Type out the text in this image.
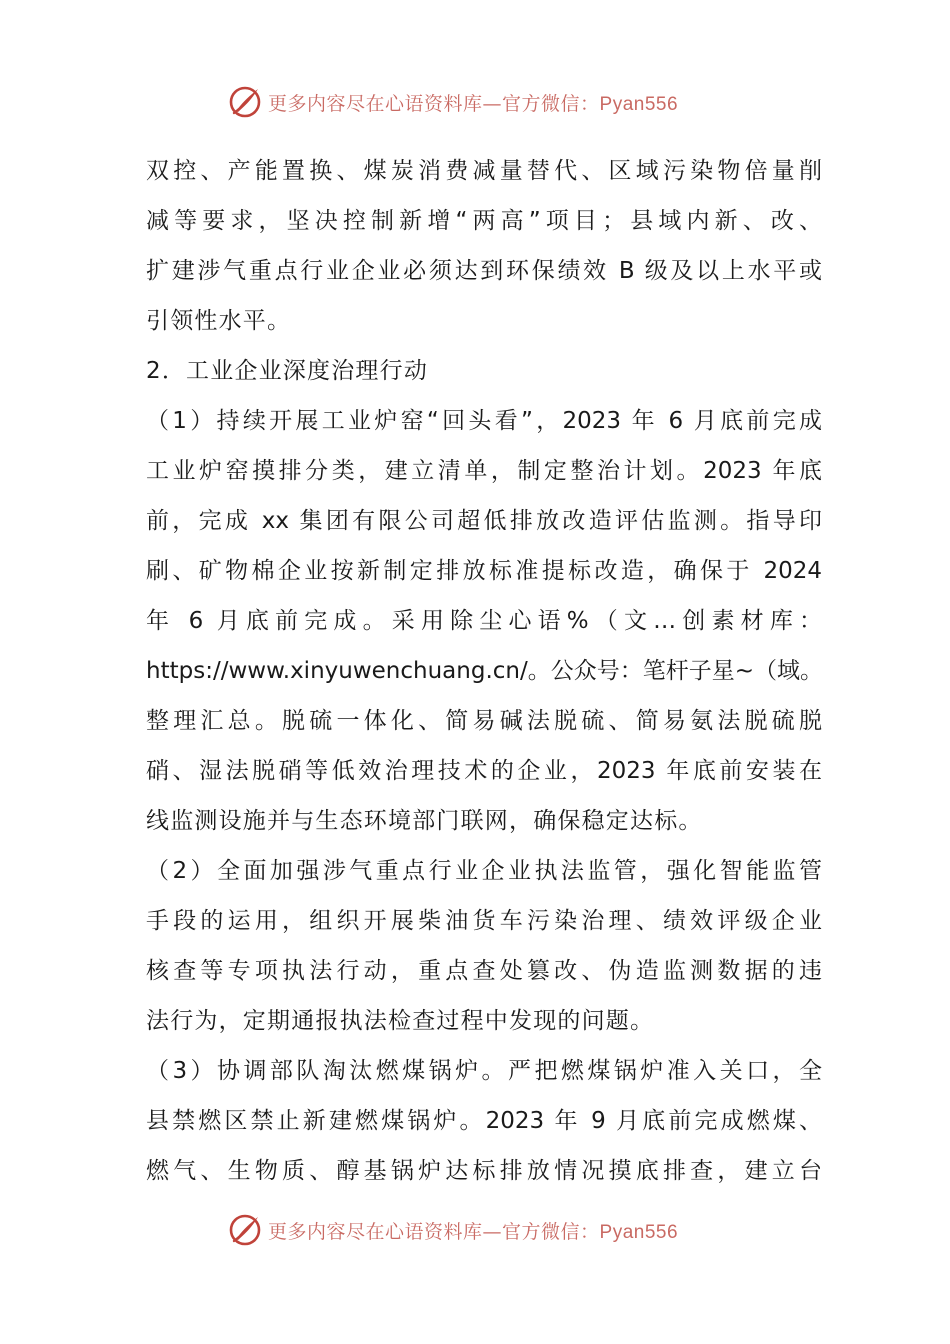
更多内容尽在心语资料库—官方微信：Pyan556
双控、产能置换、煤炭消费减量替代、区域污染物倍量削
减等要求，坚决控制新增“两高”项目；县域内新、改、
扩建涉气重点行业企业必须达到环保绩效 B 级及以上水平或
引领性水平。
2．工业企业深度治理行动
（1）持续开展工业炉窑“回头看”，2023 年 6 月底前完成
工业炉窑摸排分类，建立清单，制定整治计划。2023 年底
前，完成 xx 集团有限公司超低排放改造评估监测。指导印
刷、矿物棉企业按新制定排放标准提标改造，确保于 2024
年 6 月底前完成。采用除尘心语%（文…创素材库：
https://www.xinyuwenchuang.cn/。公众号：笔杆子星~（域。
整理汇总。脱硫一体化、简易碱法脱硫、简易氨法脱硫脱
硝、湿法脱硝等低效治理技术的企业，2023 年底前安装在
线监测设施并与生态环境部门联网，确保稳定达标。
（2）全面加强涉气重点行业企业执法监管，强化智能监管
手段的运用，组织开展柴油货车污染治理、绩效评级企业
核查等专项执法行动，重点查处篡改、伪造监测数据的违
法行为，定期通报执法检查过程中发现的问题。
（3）协调部队淘汰燃煤锅炉。严把燃煤锅炉准入关口，全
县禁燃区禁止新建燃煤锅炉。2023 年 9 月底前完成燃煤、
燃气、生物质、醇基锅炉达标排放情况摸底排查，建立台
更多内容尽在心语资料库—官方微信：Pyan556
